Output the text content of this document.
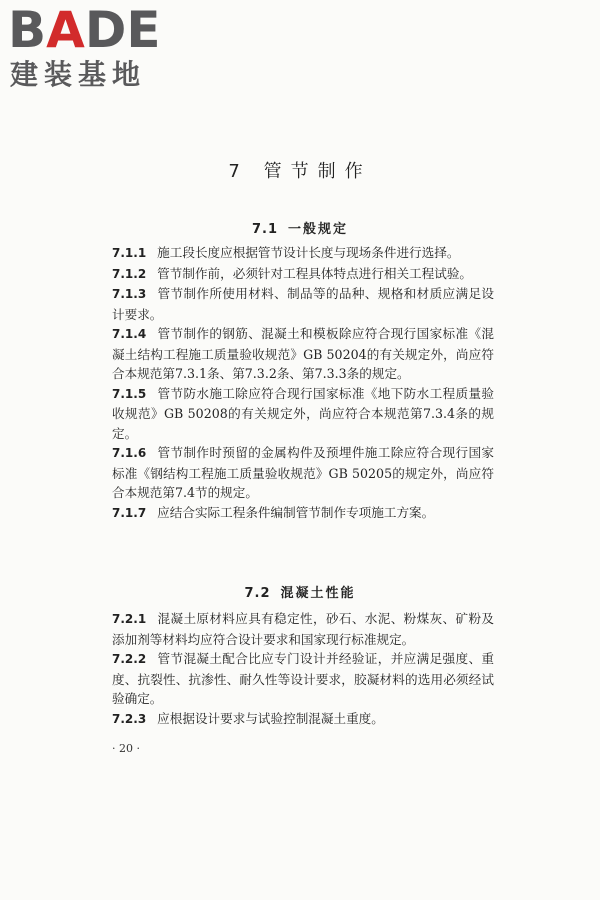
BADE
建装基地
7 管节制作
7.1 一般规定

7.1.1 施工段长度应根据管节设计长度与现场条件进行选择。

7.1.2 管节制作前，必须针对工程具体特点进行相关工程试验。

7.1.3 管节制作所使用材料、制品等的品种、规格和材质应满足设计要求。

7.1.4 管节制作的钢筋、混凝土和模板除应符合现行国家标准《混凝土结构工程施工质量验收规范》GB 50204的有关规定外，尚应符合本规范第7.3.1条、第7.3.2条、第7.3.3条的规定。

7.1.5 管节防水施工除应符合现行国家标准《地下防水工程质量验收规范》GB 50208的有关规定外，尚应符合本规范第7.3.4条的规定。

7.1.6 管节制作时预留的金属构件及预埋件施工除应符合现行国家标准《钢结构工程施工质量验收规范》GB 50205的规定外，尚应符合本规范第7.4节的规定。

7.1.7 应结合实际工程条件编制管节制作专项施工方案。

7.2 混凝土性能

7.2.1 混凝土原材料应具有稳定性，砂石、水泥、粉煤灰、矿粉及添加剂等材料均应符合设计要求和国家现行标准规定。

7.2.2 管节混凝土配合比应专门设计并经验证，并应满足强度、重度、抗裂性、抗渗性、耐久性等设计要求，胶凝材料的选用必须经试验确定。

7.2.3 应根据设计要求与试验控制混凝土重度。

· 20 ·
